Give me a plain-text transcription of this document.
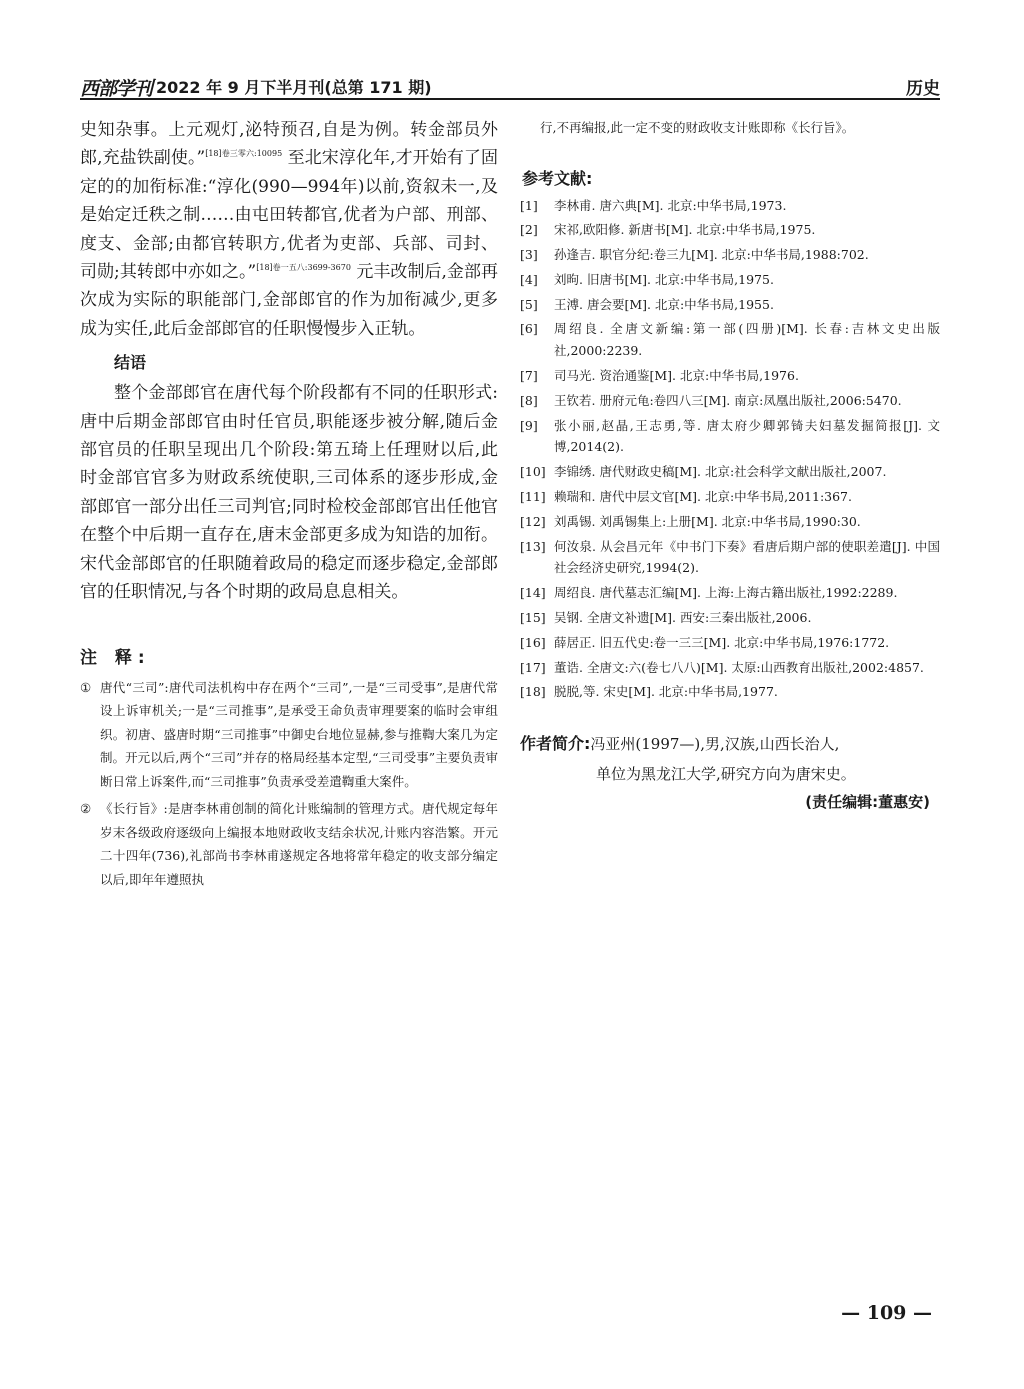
西部学刊 2022 年 9 月下半月刊(总第 171 期)	历史

史知杂事。上元观灯,泌特预召,自是为例。转金部员外郎,充盐铁副使。”$^{[18]卷三零六:10095}$ 至北宋淳化年,才开始有了固定的的加衔标准:“淳化(990—994年)以前,资叙未一,及是始定迁秩之制……由屯田转都官,优者为户部、刑部、度支、金部;由都官转职方,优者为吏部、兵部、司封、司勋;其转郎中亦如之。”$^{[18]卷一五八:3699-3670}$ 元丰改制后,金部再次成为实际的职能部门,金部郎官的作为加衔减少,更多成为实任,此后金部郎官的任职慢慢步入正轨。

结语

整个金部郎官在唐代每个阶段都有不同的任职形式:唐中后期金部郎官由时任官员,职能逐步被分解,随后金部官员的任职呈现出几个阶段:第五琦上任理财以后,此时金部官官多为财政系统使职,三司体系的逐步形成,金部郎官一部分出任三司判官;同时检校金部郎官出任他官在整个中后期一直存在,唐末金部更多成为知诰的加衔。宋代金部郎官的任职随着政局的稳定而逐步稳定,金部郎官的任职情况,与各个时期的政局息息相关。

注 释:

① 唐代“三司”:唐代司法机构中存在两个“三司”,一是“三司受事”,是唐代常设上诉审机关;一是“三司推事”,是承受王命负责审理要案的临时会审组织。初唐、盛唐时期“三司推事”中御史台地位显赫,参与推鞫大案几为定制。开元以后,两个“三司”并存的格局经基本定型,“三司受事”主要负责审断日常上诉案件,而“三司推事”负责承受差遣鞫重大案件。

② 《长行旨》:是唐李林甫创制的简化计账编制的管理方式。唐代规定每年岁末各级政府逐级向上编报本地财政收支结余状况,计账内容浩繁。开元二十四年(736),礼部尚书李林甫遂规定各地将常年稳定的收支部分编定以后,即年年遵照执

行,不再编报,此一定不变的财政收支计账即称《长行旨》。

参考文献:

[1] 李林甫. 唐六典[M]. 北京:中华书局,1973.

[2] 宋祁,欧阳修. 新唐书[M]. 北京:中华书局,1975.

[3] 孙逢吉. 职官分纪:卷三九[M]. 北京:中华书局,1988:702.

[4] 刘昫. 旧唐书[M]. 北京:中华书局,1975.

[5] 王溥. 唐会要[M]. 北京:中华书局,1955.

[6] 周绍良. 全唐文新编:第一部(四册)[M]. 长春:吉林文史出版社,2000:2239.

[7] 司马光. 资治通鉴[M]. 北京:中华书局,1976.

[8] 王钦若. 册府元龟:卷四八三[M]. 南京:凤凰出版社,2006:5470.

[9] 张小丽,赵晶,王志勇,等. 唐太府少卿郭锜夫妇墓发掘简报[J]. 文博,2014(2).

[10] 李锦绣. 唐代财政史稿[M]. 北京:社会科学文献出版社,2007.

[11] 赖瑞和. 唐代中层文官[M]. 北京:中华书局,2011:367.

[12] 刘禹锡. 刘禹锡集上:上册[M]. 北京:中华书局,1990:30.

[13] 何汝泉. 从会昌元年《中书门下奏》看唐后期户部的使职差遣[J]. 中国社会经济史研究,1994(2).

[14] 周绍良. 唐代墓志汇编[M]. 上海:上海古籍出版社,1992:2289.

[15] 吴钢. 全唐文补遗[M]. 西安:三秦出版社,2006.

[16] 薛居正. 旧五代史:卷一三三[M]. 北京:中华书局,1976:1772.

[17] 董诰. 全唐文:六(卷七八八)[M]. 太原:山西教育出版社,2002:4857.

[18] 脱脱,等. 宋史[M]. 北京:中华书局,1977.

作者简介:冯亚州(1997—),男,汉族,山西长治人,
单位为黑龙江大学,研究方向为唐宋史。
(责任编辑:董惠安)
— 109 —
